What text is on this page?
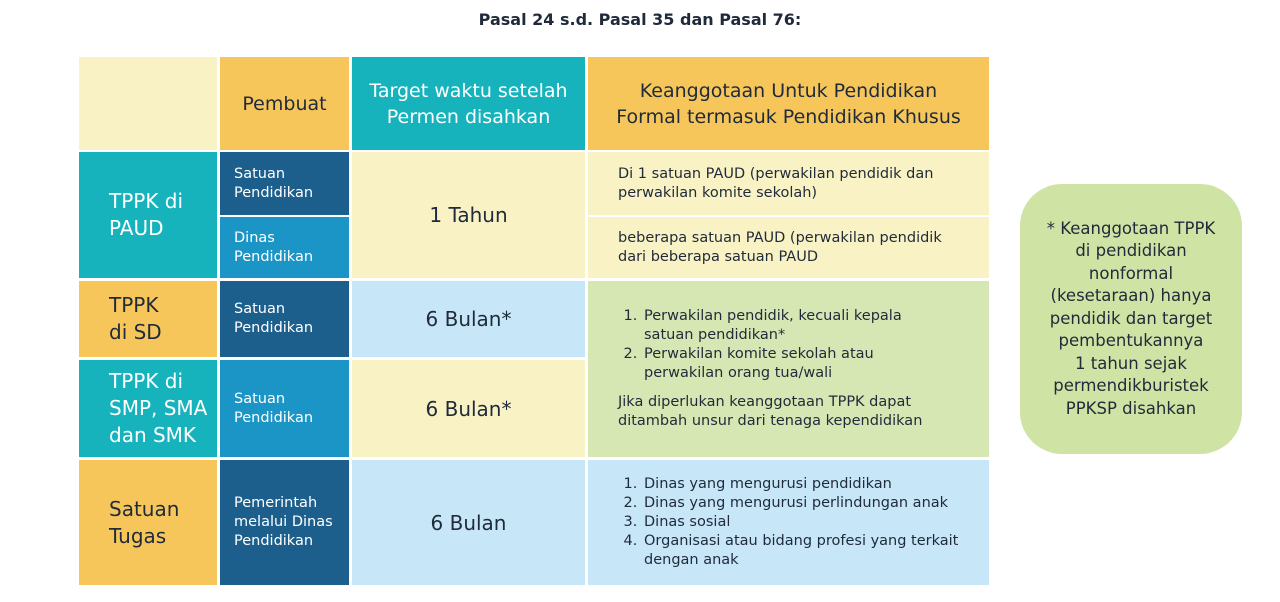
Pasal 24 s.d. Pasal 35 dan Pasal 76:
Pembuat
Target waktu setelah
Permen disahkan
Keanggotaan Untuk Pendidikan
Formal termasuk Pendidikan Khusus
TPPK di
PAUD
Satuan
Pendidikan
Dinas
Pendidikan
1 Tahun
Di 1 satuan PAUD (perwakilan pendidik dan
perwakilan komite sekolah)
beberapa satuan PAUD (perwakilan pendidik
dari beberapa satuan PAUD
TPPK
di SD
Satuan
Pendidikan	6 Bulan*
TPPK di
SMP, SMA
dan SMK
Satuan
Pendidikan	6 Bulan*
1. Perwakilan pendidik, kecuali kepala
satuan pendidikan*
2. Perwakilan komite sekolah atau
perwakilan orang tua/wali
Jika diperlukan keanggotaan TPPK dapat
ditambah unsur dari tenaga kependidikan
Satuan
Tugas
Pemerintah
melalui Dinas
Pendidikan
6 Bulan
1. Dinas yang mengurusi pendidikan
2. Dinas yang mengurusi perlindungan anak
3. Dinas sosial
4. Organisasi atau bidang profesi yang terkait
dengan anak
* Keanggotaan TPPK
di pendidikan
nonformal
(kesetaraan) hanya
pendidik dan target
pembentukannya
1 tahun sejak
permendikburistek
PPKSP disahkan
